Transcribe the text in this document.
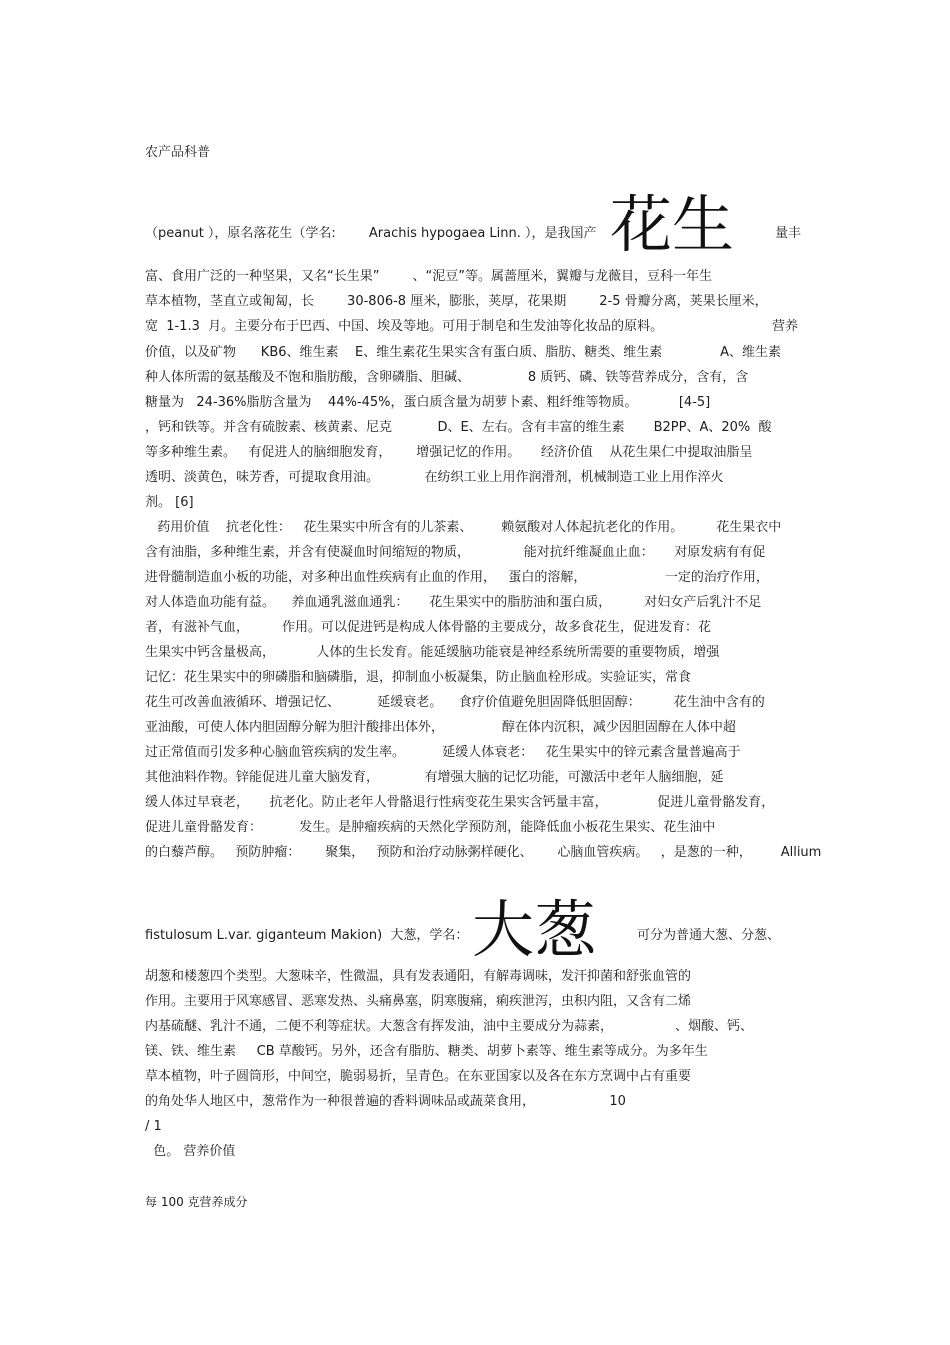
农产品科普
花生
（peanut ），原名落花生（学名:        Arachis hypogaea Linn. ），是我国产	量丰
富、食用广泛的一种坚果，又名“长生果”        、“泥豆”等。属蔷厘米，翼瓣与龙薇目，豆科一年生
草本植物，茎直立或匍匐，长        30-806-8 厘米，膨胀，荚厚，花果期        2-5 骨瓣分离，荚果长厘米，
宽  1-1.3  月。主要分布于巴西、中国、埃及等地。可用于制皂和生发油等化妆品的原料。	营养
价值，以及矿物      KB6、维生素    E、维生素花生果实含有蛋白质、脂肪、糖类、维生素              A、维生素
种人体所需的氨基酸及不饱和脂肪酸，含卵磷脂、胆碱、              8 质钙、磷、铁等营养成分，含有，含
糖量为   24-36%脂肪含量为    44%-45%，蛋白质含量为胡萝卜素、粗纤维等物质。          [4-5]
，钙和铁等。并含有硫胺素、核黄素、尼克           D、E、左右。含有丰富的维生素       B2PP、A、20%  酸
等多种维生素。   有促进人的脑细胞发育，      增强记忆的作用。     经济价值    从花生果仁中提取油脂呈
透明、淡黄色，味芳香，可提取食用油。           在纺织工业上用作润滑剂，机械制造工业上用作淬火
剂。 [6]
药用价值    抗老化性：   花生果实中所含有的儿茶素、       赖氨酸对人体起抗老化的作用。        花生果衣中
含有油脂，多种维生素，并含有使凝血时间缩短的物质，             能对抗纤维凝血止血：     对原发病有有促
进骨髓制造血小板的功能，对多种出血性疾病有止血的作用，   蛋白的溶解，                   一定的治疗作用，
对人体造血功能有益。    养血通乳滋血通乳：     花生果实中的脂肪油和蛋白质，        对妇女产后乳汁不足
者，有滋补气血，        作用。可以促进钙是构成人体骨骼的主要成分，故多食花生，促进发育：花
生果实中钙含量极高，          人体的生长发育。能延缓脑功能衰是神经系统所需要的重要物质，增强
记忆：花生果实中的卵磷脂和脑磷脂，退，抑制血小板凝集，防止脑血栓形成。实验证实，常食
花生可改善血液循环、增强记忆、         延缓衰老。    食疗价值避免胆固降低胆固醇：        花生油中含有的
亚油酸，可使人体内胆固醇分解为胆汁酸排出体外，              醇在体内沉积，减少因胆固醇在人体中超
过正常值而引发多种心脑血管疾病的发生率。         延缓人体衰老：   花生果实中的锌元素含量普遍高于
其他油料作物。锌能促进儿童大脑发育，           有增强大脑的记忆功能，可激活中老年人脑细胞，延
缓人体过早衰老，     抗老化。防止老年人骨骼退行性病变花生果实含钙量丰富，            促进儿童骨骼发育，
促进儿童骨骼发育：         发生。是肿瘤疾病的天然化学预防剂，能降低血小板花生果实、花生油中
的白藜芦醇。   预防肿瘤：      聚集，   预防和治疗动脉粥样硬化、      心脑血管疾病。   ，是葱的一种，       Allium
大葱
fistulosum L.var. giganteum Makion)  大葱，学名：	可分为普通大葱、分葱、
胡葱和楼葱四个类型。大葱味辛，性微温，具有发表通阳，有解毒调味，发汗抑菌和舒张血管的
作用。主要用于风寒感冒、恶寒发热、头痛鼻塞，阴寒腹痛，痢疾泄泻，虫积内阻，又含有二烯
内基硫醚、乳汁不通，二便不利等症状。大葱含有挥发油，油中主要成分为蒜素，               、烟酸、钙、
镁、铁、维生素     CB 草酸钙。另外，还含有脂肪、糖类、胡萝卜素等、维生素等成分。为多年生
草本植物，叶子圆筒形，中间空，脆弱易折，呈青色。在东亚国家以及各在东方烹调中占有重要
的角处华人地区中，葱常作为一种很普遍的香料调味品或蔬菜食用，                  10
/ 1
色。 营养价值
每 100 克营养成分
